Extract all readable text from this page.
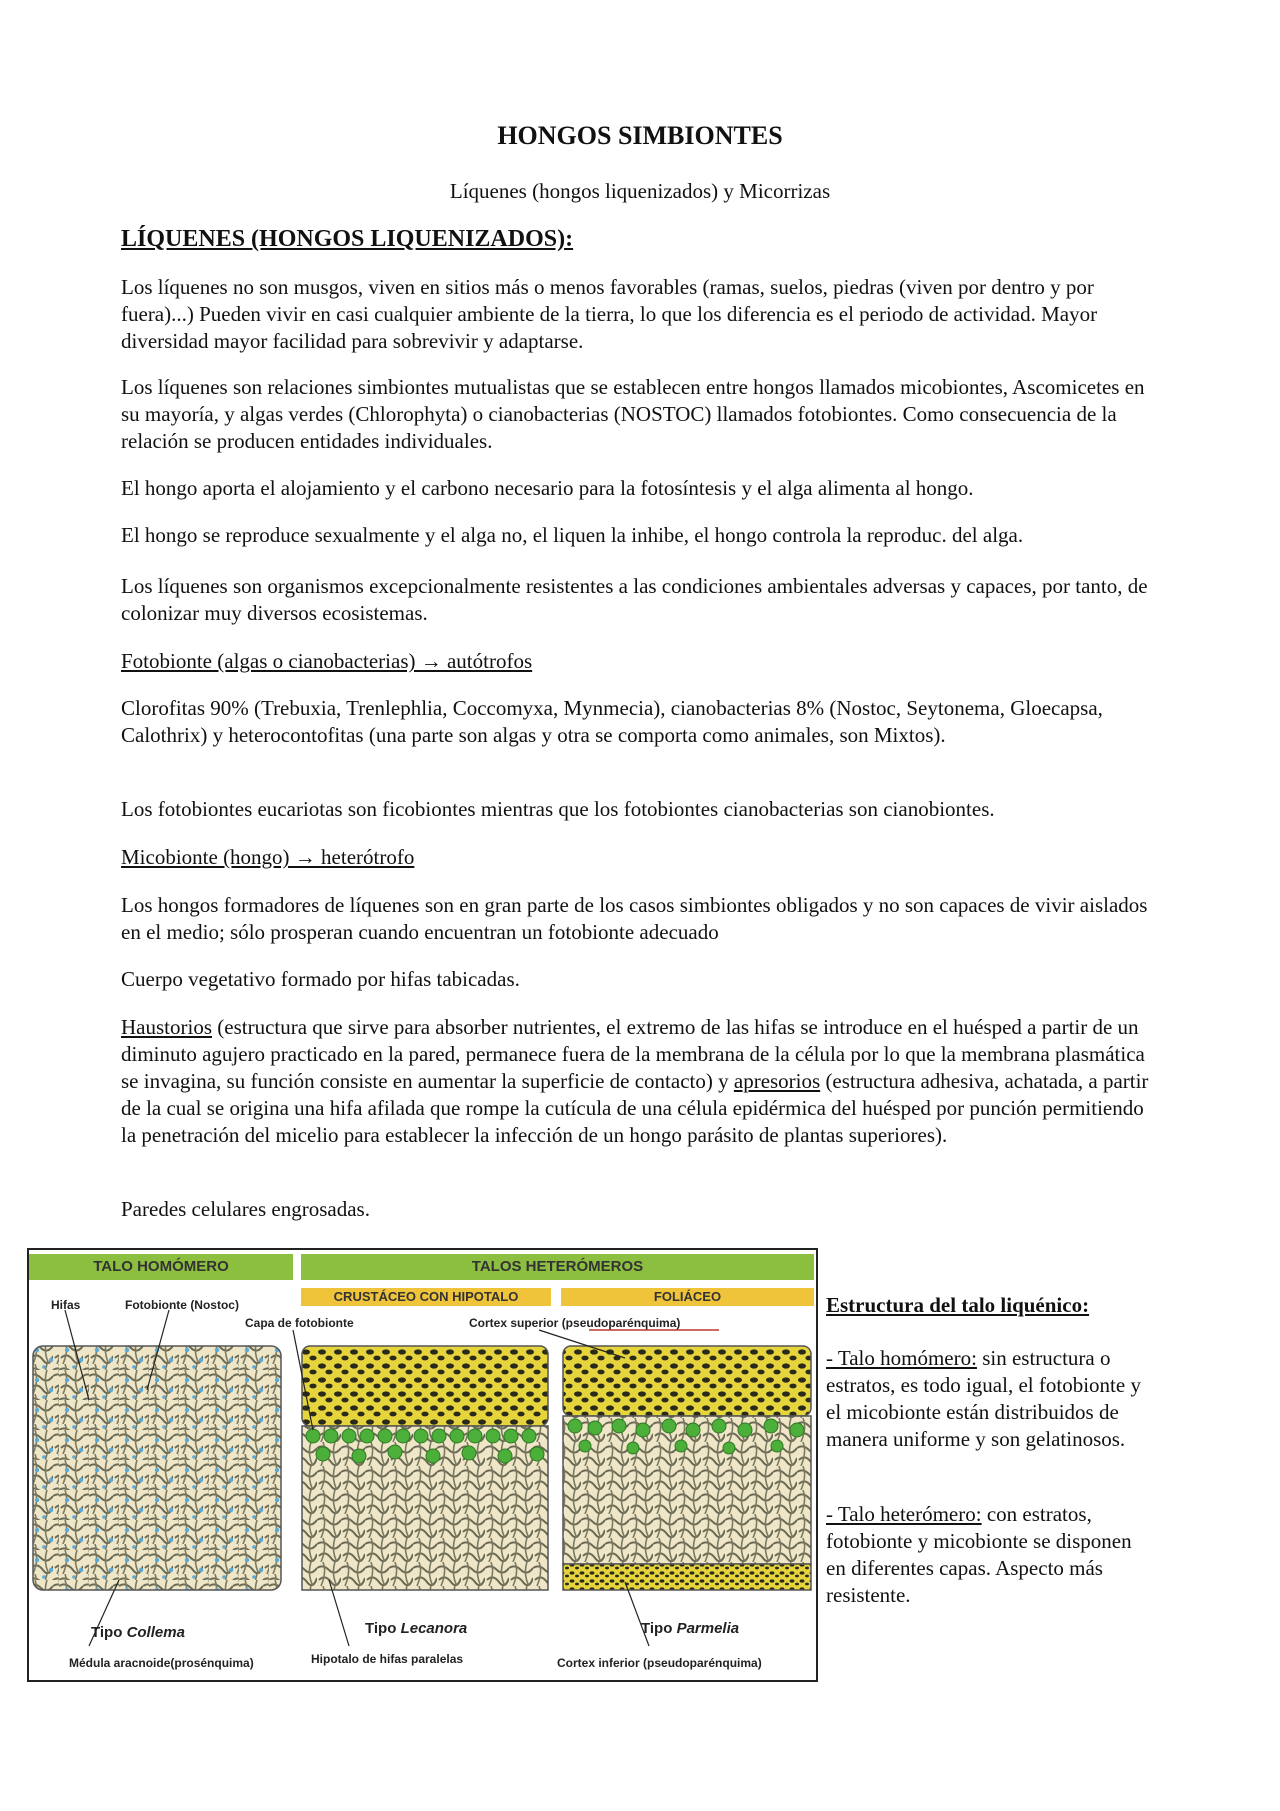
HONGOS SIMBIONTES
Líquenes (hongos liquenizados) y Micorrizas
LÍQUENES (HONGOS LIQUENIZADOS):
Los líquenes no son musgos, viven en sitios más o menos favorables (ramas, suelos, piedras (viven por dentro y por fuera)...) Pueden vivir en casi cualquier ambiente de la tierra, lo que los diferencia es el periodo de actividad. Mayor diversidad mayor facilidad para sobrevivir y adaptarse.
Los líquenes son relaciones simbiontes mutualistas que se establecen entre hongos llamados micobiontes, Ascomicetes en su mayoría, y algas verdes (Chlorophyta) o cianobacterias (NOSTOC) llamados fotobiontes. Como consecuencia de la relación se producen entidades individuales.
El hongo aporta el alojamiento y el carbono necesario para la fotosíntesis y el alga alimenta al hongo.
El hongo se reproduce sexualmente y el alga no, el liquen la inhibe, el hongo controla la reproduc. del alga.
Los líquenes son organismos excepcionalmente resistentes a las condiciones ambientales adversas y capaces, por tanto, de colonizar muy diversos ecosistemas.
Fotobionte (algas o cianobacterias) → autótrofos
Clorofitas 90% (Trebuxia, Trenlephlia, Coccomyxa, Mynmecia), cianobacterias 8% (Nostoc, Seytonema, Gloecapsa, Calothrix) y heterocontofitas (una parte son algas y otra se comporta como animales, son Mixtos).
Los fotobiontes eucariotas son ficobiontes mientras que los fotobiontes cianobacterias son cianobiontes.
Micobionte (hongo) → heterótrofo
Los hongos formadores de líquenes son en gran parte de los casos simbiontes obligados y no son capaces de vivir aislados en el medio; sólo prosperan cuando encuentran un fotobionte adecuado
Cuerpo vegetativo formado por hifas tabicadas.
Haustorios (estructura que sirve para absorber nutrientes, el extremo de las hifas se introduce en el huésped a partir de un diminuto agujero practicado en la pared, permanece fuera de la membrana de la célula por lo que la membrana plasmática se invagina, su función consiste en aumentar la superficie de contacto) y apresorios (estructura adhesiva, achatada, a partir de la cual se origina una hifa afilada que rompe la cutícula de una célula epidérmica del huésped por punción permitiendo la penetración del micelio para establecer la infección de un hongo parásito de plantas superiores).
Paredes celulares engrosadas.
TALO HOMÓMERO	TALOS HETERÓMEROS
CRUSTÁCEO CON HIPOTALO	FOLIÁCEO
Hifas	Fotobionte (Nostoc)
Capa de fotobionte	Cortex superior (pseudoparénquima)
Tipo Collema	Tipo Lecanora	Tipo Parmelia
Médula aracnoide(prosénquima)	Hipotalo de hifas paralelas	Cortex inferior (pseudoparénquima)
Estructura del talo liquénico:
- Talo homómero: sin estructura o estratos, es todo igual, el fotobionte y el micobionte están distribuidos de manera uniforme y son gelatinosos.
- Talo heterómero: con estratos, fotobionte y micobionte se disponen en diferentes capas. Aspecto más resistente.
